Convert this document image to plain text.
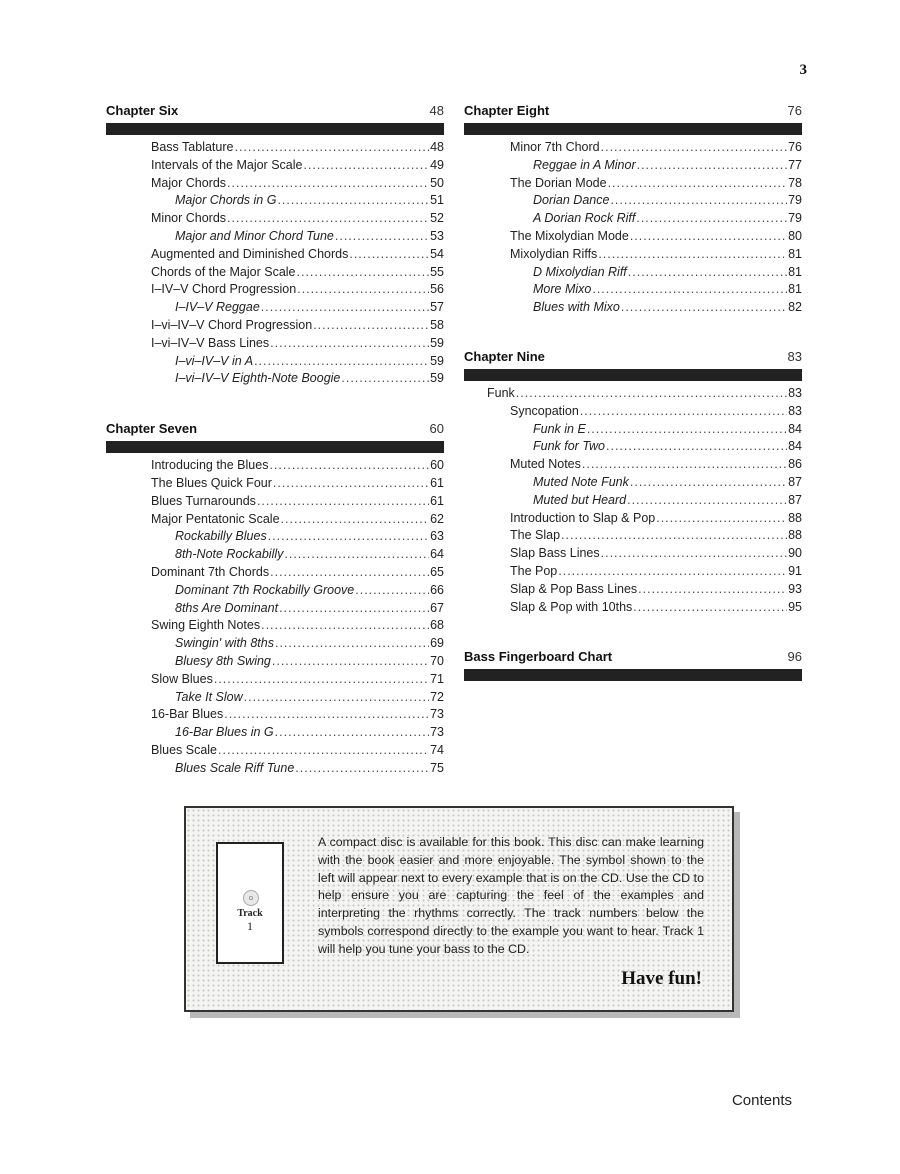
3
Chapter Six	48
Bass Tablature .....	48
Intervals of the Major Scale .....	49
Major Chords .....	50
Major Chords in G .....	51
Minor Chords .....	52
Major and Minor Chord Tune .....	53
Augmented and Diminished Chords .....	54
Chords of the Major Scale .....	55
I–IV–V Chord Progression .....	56
I–IV–V Reggae .....	57
I–vi–IV–V Chord Progression .....	58
I–vi–IV–V Bass Lines .....	59
I–vi–IV–V in A .....	59
I–vi–IV–V Eighth-Note Boogie .....	59
Chapter Seven	60
Introducing the Blues .....	60
The Blues Quick Four .....	61
Blues Turnarounds .....	61
Major Pentatonic Scale .....	62
Rockabilly Blues .....	63
8th-Note Rockabilly .....	64
Dominant 7th Chords .....	65
Dominant 7th Rockabilly Groove .....	66
8ths Are Dominant .....	67
Swing Eighth Notes .....	68
Swingin' with 8ths .....	69
Bluesy 8th Swing .....	70
Slow Blues .....	71
Take It Slow .....	72
16-Bar Blues .....	73
16-Bar Blues in G .....	73
Blues Scale .....	74
Blues Scale Riff Tune .....	75
Chapter Eight	76
Minor 7th Chord .....	76
Reggae in A Minor .....	77
The Dorian Mode .....	78
Dorian Dance .....	79
A Dorian Rock Riff .....	79
The Mixolydian Mode .....	80
Mixolydian Riffs .....	81
D Mixolydian Riff .....	81
More Mixo .....	81
Blues with Mixo .....	82
Chapter Nine	83
Funk .....	83
Syncopation .....	83
Funk in E .....	84
Funk for Two .....	84
Muted Notes .....	86
Muted Note Funk .....	87
Muted but Heard .....	87
Introduction to Slap & Pop .....	88
The Slap .....	88
Slap Bass Lines .....	90
The Pop .....	91
Slap & Pop Bass Lines .....	93
Slap & Pop with 10ths .....	95
Bass Fingerboard Chart	96
Track
1
A compact disc is available for this book. This disc can make learning with the book easier and more enjoyable. The symbol shown to the left will appear next to every example that is on the CD. Use the CD to help ensure you are capturing the feel of the examples and interpreting the rhythms correctly. The track numbers below the symbols correspond directly to the example you want to hear. Track 1 will help you tune your bass to the CD.
Have fun!
Contents
